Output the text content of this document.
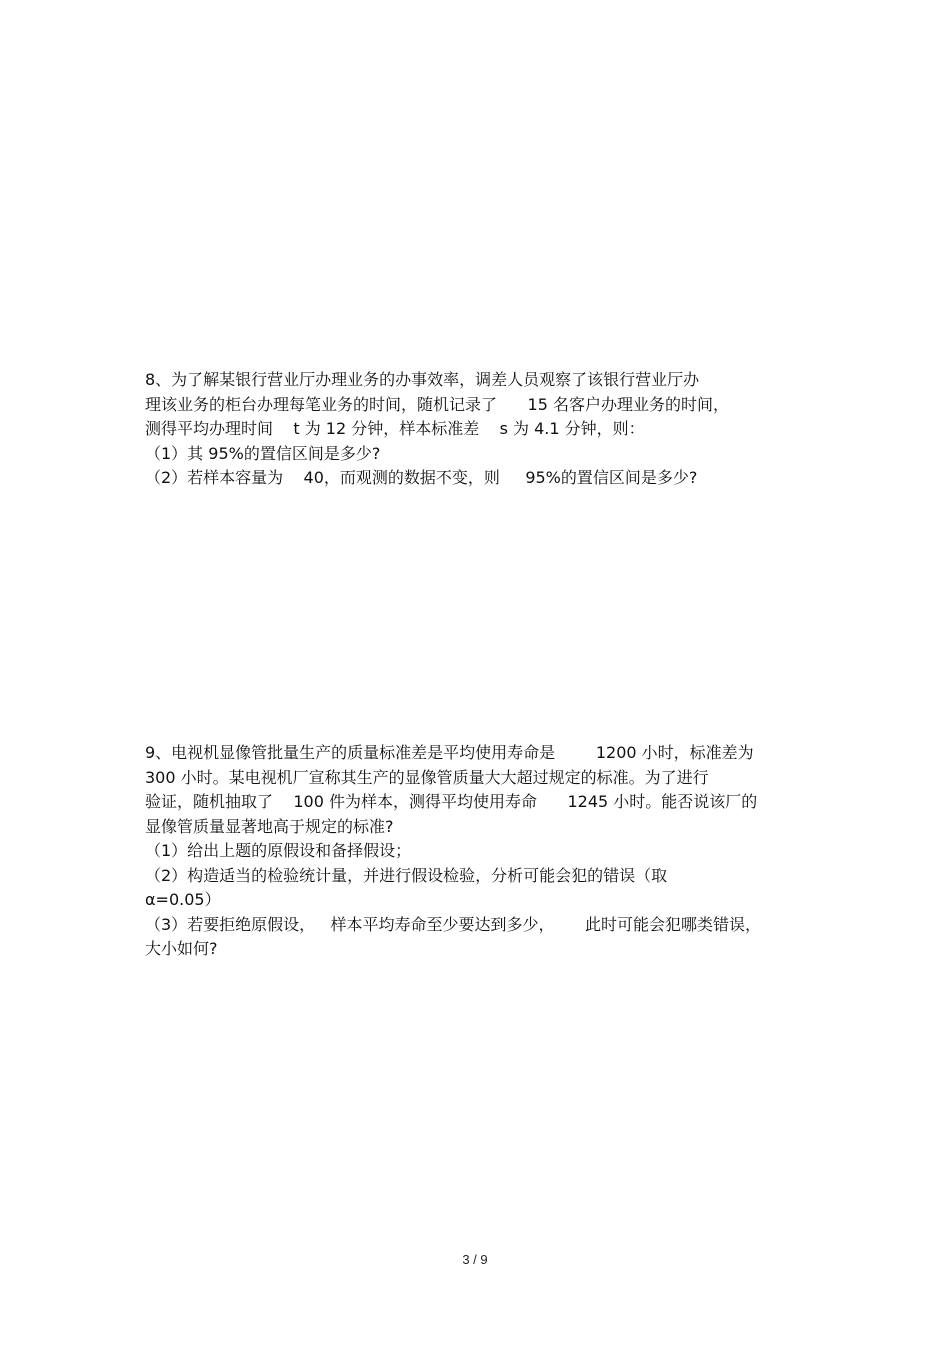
8、为了解某银行营业厅办理业务的办事效率，调差人员观察了该银行营业厅办
理该业务的柜台办理每笔业务的时间，随机记录了      15 名客户办理业务的时间，
测得平均办理时间    t 为 12 分钟，样本标准差    s 为 4.1 分钟，则：
（1）其 95%的置信区间是多少?
（2）若样本容量为    40，而观测的数据不变，则     95%的置信区间是多少?
9、电视机显像管批量生产的质量标准差是平均使用寿命是        1200 小时，标准差为
300 小时。某电视机厂宣称其生产的显像管质量大大超过规定的标准。为了进行
验证，随机抽取了    100 件为样本，测得平均使用寿命      1245 小时。能否说该厂的
显像管质量显著地高于规定的标准?
（1）给出上题的原假设和备择假设；
（2）构造适当的检验统计量，并进行假设检验，分析可能会犯的错误（取
α=0.05）
（3）若要拒绝原假设，   样本平均寿命至少要达到多少，      此时可能会犯哪类错误，
大小如何?
3 / 9
